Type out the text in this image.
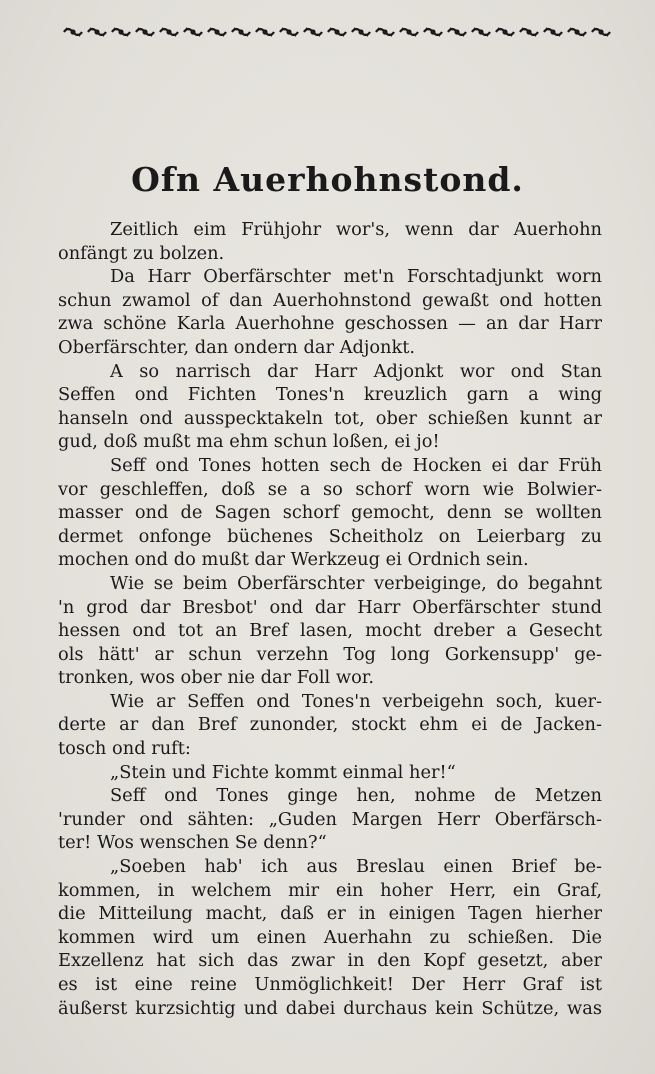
Ofn Auerhohnstond.
Zeitlich eim Frühjohr wor's, wenn dar Auerhohn
onfängt zu bolzen.
Da Harr Oberfärschter met'n Forschtadjunkt worn
schun zwamol of dan Auerhohnstond gewaßt ond hotten
zwa schöne Karla Auerhohne geschossen — an dar Harr
Oberfärschter, dan ondern dar Adjonkt.
A so narrisch dar Harr Adjonkt wor ond Stan
Seffen ond Fichten Tones'n kreuzlich garn a wing
hanseln ond ausspecktakeln tot, ober schießen kunnt ar
gud, doß mußt ma ehm schun loßen, ei jo!
Seff ond Tones hotten sech de Hocken ei dar Früh
vor geschleffen, doß se a so schorf worn wie Bolwier-
masser ond de Sagen schorf gemocht, denn se wollten
dermet onfonge büchenes Scheitholz on Leierbarg zu
mochen ond do mußt dar Werkzeug ei Ordnich sein.
Wie se beim Oberfärschter verbeiginge, do begahnt
'n grod dar Bresbot' ond dar Harr Oberfärschter stund
hessen ond tot an Bref lasen, mocht dreber a Gesecht
ols hätt' ar schun verzehn Tog long Gorkensupp' ge-
tronken, wos ober nie dar Foll wor.
Wie ar Seffen ond Tones'n verbeigehn soch, kuer-
derte ar dan Bref zunonder, stockt ehm ei de Jacken-
tosch ond ruft:
„Stein und Fichte kommt einmal her!“
Seff ond Tones ginge hen, nohme de Metzen
'runder ond sähten: „Guden Margen Herr Oberfärsch-
ter! Wos wenschen Se denn?“
„Soeben hab' ich aus Breslau einen Brief be-
kommen, in welchem mir ein hoher Herr, ein Graf,
die Mitteilung macht, daß er in einigen Tagen hierher
kommen wird um einen Auerhahn zu schießen. Die
Exzellenz hat sich das zwar in den Kopf gesetzt, aber
es ist eine reine Unmöglichkeit! Der Herr Graf ist
äußerst kurzsichtig und dabei durchaus kein Schütze, was
